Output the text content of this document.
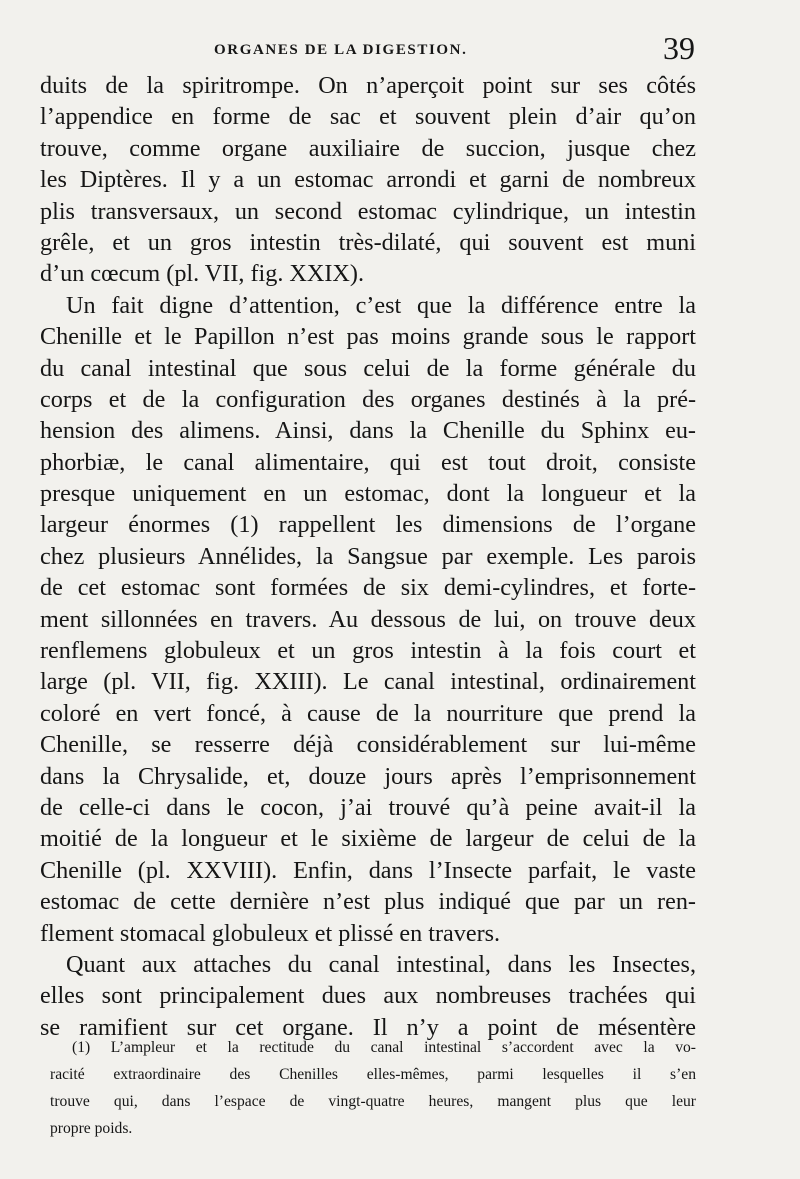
ORGANES DE LA DIGESTION.	39
duits de la spiritrompe. On n’aperçoit point sur ses côtés
l’appendice en forme de sac et souvent plein d’air qu’on
trouve, comme organe auxiliaire de succion, jusque chez
les Diptères. Il y a un estomac arrondi et garni de nombreux
plis transversaux, un second estomac cylindrique, un intestin
grêle, et un gros intestin très-dilaté, qui souvent est muni
d’un cœcum (pl. VII, fig. XXIX).
Un fait digne d’attention, c’est que la différence entre la
Chenille et le Papillon n’est pas moins grande sous le rapport
du canal intestinal que sous celui de la forme générale du
corps et de la configuration des organes destinés à la pré-
hension des alimens. Ainsi, dans la Chenille du Sphinx eu-
phorbiæ, le canal alimentaire, qui est tout droit, consiste
presque uniquement en un estomac, dont la longueur et la
largeur énormes (1) rappellent les dimensions de l’organe
chez plusieurs Annélides, la Sangsue par exemple. Les parois
de cet estomac sont formées de six demi-cylindres, et forte-
ment sillonnées en travers. Au dessous de lui, on trouve deux
renflemens globuleux et un gros intestin à la fois court et
large (pl. VII, fig. XXIII). Le canal intestinal, ordinairement
coloré en vert foncé, à cause de la nourriture que prend la
Chenille, se resserre déjà considérablement sur lui-même
dans la Chrysalide, et, douze jours après l’emprisonnement
de celle-ci dans le cocon, j’ai trouvé qu’à peine avait-il la
moitié de la longueur et le sixième de largeur de celui de la
Chenille (pl. XXVIII). Enfin, dans l’Insecte parfait, le vaste
estomac de cette dernière n’est plus indiqué que par un ren-
flement stomacal globuleux et plissé en travers.
Quant aux attaches du canal intestinal, dans les Insectes,
elles sont principalement dues aux nombreuses trachées qui
se ramifient sur cet organe. Il n’y a point de mésentère
(1) L’ampleur et la rectitude du canal intestinal s’accordent avec la vo-
racité extraordinaire des Chenilles elles-mêmes, parmi lesquelles il s’en
trouve qui, dans l’espace de vingt-quatre heures, mangent plus que leur
propre poids.
